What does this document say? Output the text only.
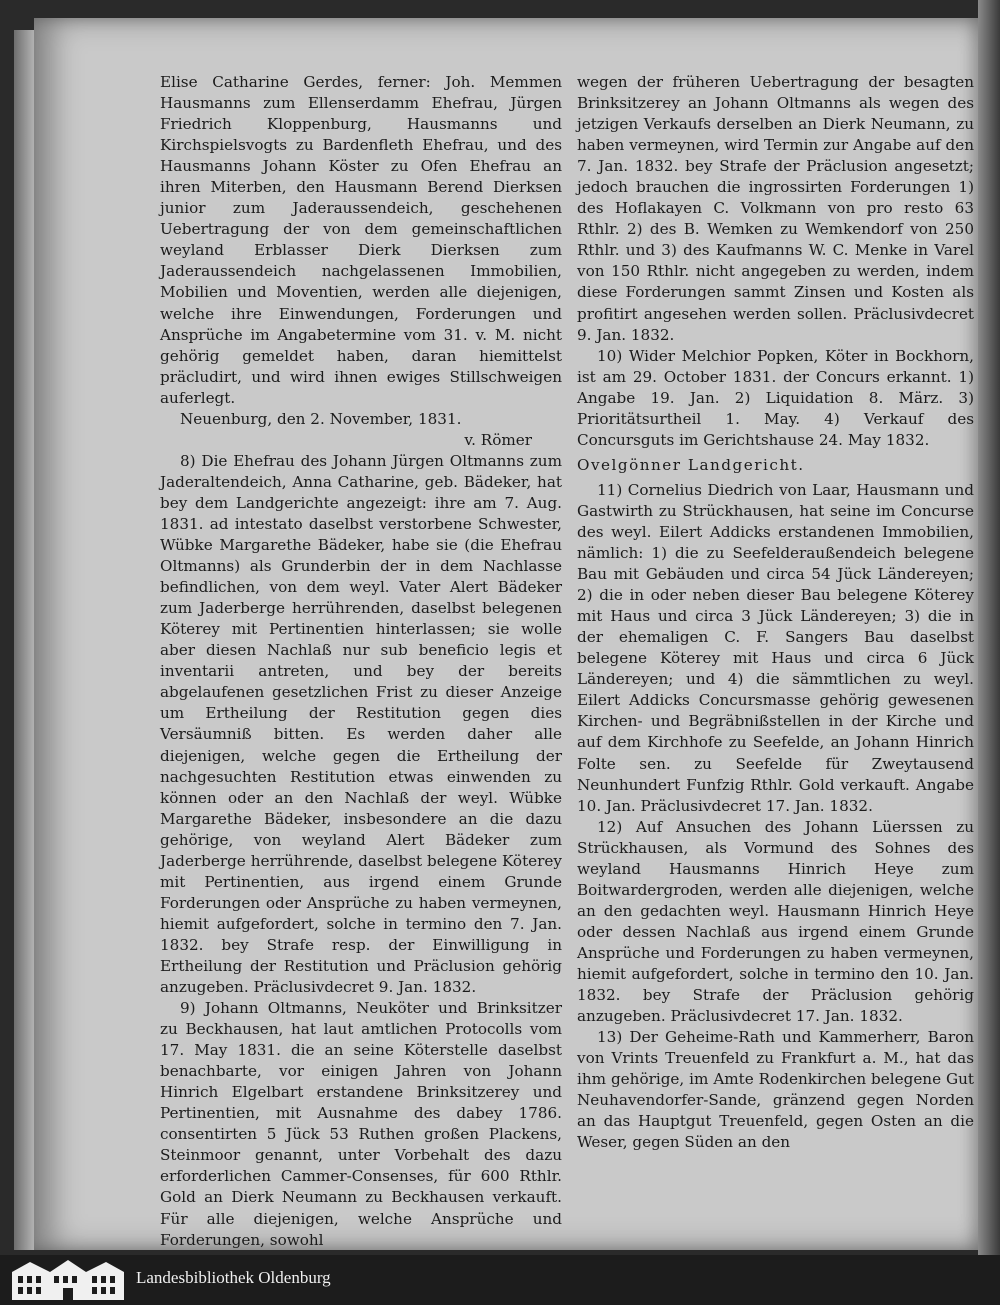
Elise Catharine Gerdes, ferner: Joh. Memmen Hausmanns zum Ellenserdamm Ehefrau, Jürgen Friedrich Kloppenburg, Hausmanns und Kirchspielsvogts zu Bardenfleth Ehefrau, und des Hausmanns Johann Köster zu Ofen Ehefrau an ihren Miterben, den Hausmann Berend Dierksen junior zum Jaderaussendeich, geschehenen Uebertragung der von dem gemeinschaftlichen weyland Erblasser Dierk Dierksen zum Jaderaussendeich nachgelassenen Immobilien, Mobilien und Moventien, werden alle diejenigen, welche ihre Einwendungen, Forderungen und Ansprüche im Angabetermine vom 31. v. M. nicht gehörig gemeldet haben, daran hiemittelst präcludirt, und wird ihnen ewiges Stillschweigen auferlegt.

Neuenburg, den 2. November, 1831.

v. Römer

8) Die Ehefrau des Johann Jürgen Oltmanns zum Jaderaltendeich, Anna Catharine, geb. Bädeker, hat bey dem Landgerichte angezeigt: ihre am 7. Aug. 1831. ad intestato daselbst verstorbene Schwester, Wübke Margarethe Bädeker, habe sie (die Ehefrau Oltmanns) als Grunderbin der in dem Nachlasse befindlichen, von dem weyl. Vater Alert Bädeker zum Jaderberge herrührenden, daselbst belegenen Köterey mit Pertinentien hinterlassen; sie wolle aber diesen Nachlaß nur sub beneficio legis et inventarii antreten, und bey der bereits abgelaufenen gesetzlichen Frist zu dieser Anzeige um Ertheilung der Restitution gegen dies Versäumniß bitten. Es werden daher alle diejenigen, welche gegen die Ertheilung der nachgesuchten Restitution etwas einwenden zu können oder an den Nachlaß der weyl. Wübke Margarethe Bädeker, insbesondere an die dazu gehörige, von weyland Alert Bädeker zum Jaderberge herrührende, daselbst belegene Köterey mit Pertinentien, aus irgend einem Grunde Forderungen oder Ansprüche zu haben vermeynen, hiemit aufgefordert, solche in termino den 7. Jan. 1832. bey Strafe resp. der Einwilligung in Ertheilung der Restitution und Präclusion gehörig anzugeben. Präclusivdecret 9. Jan. 1832.

9) Johann Oltmanns, Neuköter und Brinksitzer zu Beckhausen, hat laut amtlichen Protocolls vom 17. May 1831. die an seine Köterstelle daselbst benachbarte, vor einigen Jahren von Johann Hinrich Elgelbart erstandene Brinksitzerey und Pertinentien, mit Ausnahme des dabey 1786. consentirten 5 Jück 53 Ruthen großen Plackens, Steinmoor genannt, unter Vorbehalt des dazu erforderlichen Cammer-Consenses, für 600 Rthlr. Gold an Dierk Neumann zu Beckhausen verkauft. Für alle diejenigen, welche Ansprüche und Forderungen, sowohl

wegen der früheren Uebertragung der besagten Brinksitzerey an Johann Oltmanns als wegen des jetzigen Verkaufs derselben an Dierk Neumann, zu haben vermeynen, wird Termin zur Angabe auf den 7. Jan. 1832. bey Strafe der Präclusion angesetzt; jedoch brauchen die ingrossirten Forderungen 1) des Hoflakayen C. Volkmann von pro resto 63 Rthlr. 2) des B. Wemken zu Wemkendorf von 250 Rthlr. und 3) des Kaufmanns W. C. Menke in Varel von 150 Rthlr. nicht angegeben zu werden, indem diese Forderungen sammt Zinsen und Kosten als profitirt angesehen werden sollen. Präclusivdecret 9. Jan. 1832.

10) Wider Melchior Popken, Köter in Bockhorn, ist am 29. October 1831. der Concurs erkannt. 1) Angabe 19. Jan. 2) Liquidation 8. März. 3) Prioritätsurtheil 1. May. 4) Verkauf des Concursguts im Gerichtshause 24. May 1832.

Ovelgönner Landgericht.

11) Cornelius Diedrich von Laar, Hausmann und Gastwirth zu Strückhausen, hat seine im Concurse des weyl. Eilert Addicks erstandenen Immobilien, nämlich: 1) die zu Seefelderaußendeich belegene Bau mit Gebäuden und circa 54 Jück Ländereyen; 2) die in oder neben dieser Bau belegene Köterey mit Haus und circa 3 Jück Ländereyen; 3) die in der ehemaligen C. F. Sangers Bau daselbst belegene Köterey mit Haus und circa 6 Jück Ländereyen; und 4) die sämmtlichen zu weyl. Eilert Addicks Concursmasse gehörig gewesenen Kirchen- und Begräbnißstellen in der Kirche und auf dem Kirchhofe zu Seefelde, an Johann Hinrich Folte sen. zu Seefelde für Zweytausend Neunhundert Funfzig Rthlr. Gold verkauft. Angabe 10. Jan. Präclusivdecret 17. Jan. 1832.

12) Auf Ansuchen des Johann Lüerssen zu Strückhausen, als Vormund des Sohnes des weyland Hausmanns Hinrich Heye zum Boitwardergroden, werden alle diejenigen, welche an den gedachten weyl. Hausmann Hinrich Heye oder dessen Nachlaß aus irgend einem Grunde Ansprüche und Forderungen zu haben vermeynen, hiemit aufgefordert, solche in termino den 10. Jan. 1832. bey Strafe der Präclusion gehörig anzugeben. Präclusivdecret 17. Jan. 1832.

13) Der Geheime-Rath und Kammerherr, Baron von Vrints Treuenfeld zu Frankfurt a. M., hat das ihm gehörige, im Amte Rodenkirchen belegene Gut Neuhavendorfer-Sande, gränzend gegen Norden an das Hauptgut Treuenfeld, gegen Osten an die Weser, gegen Süden an den

Landesbibliothek Oldenburg
